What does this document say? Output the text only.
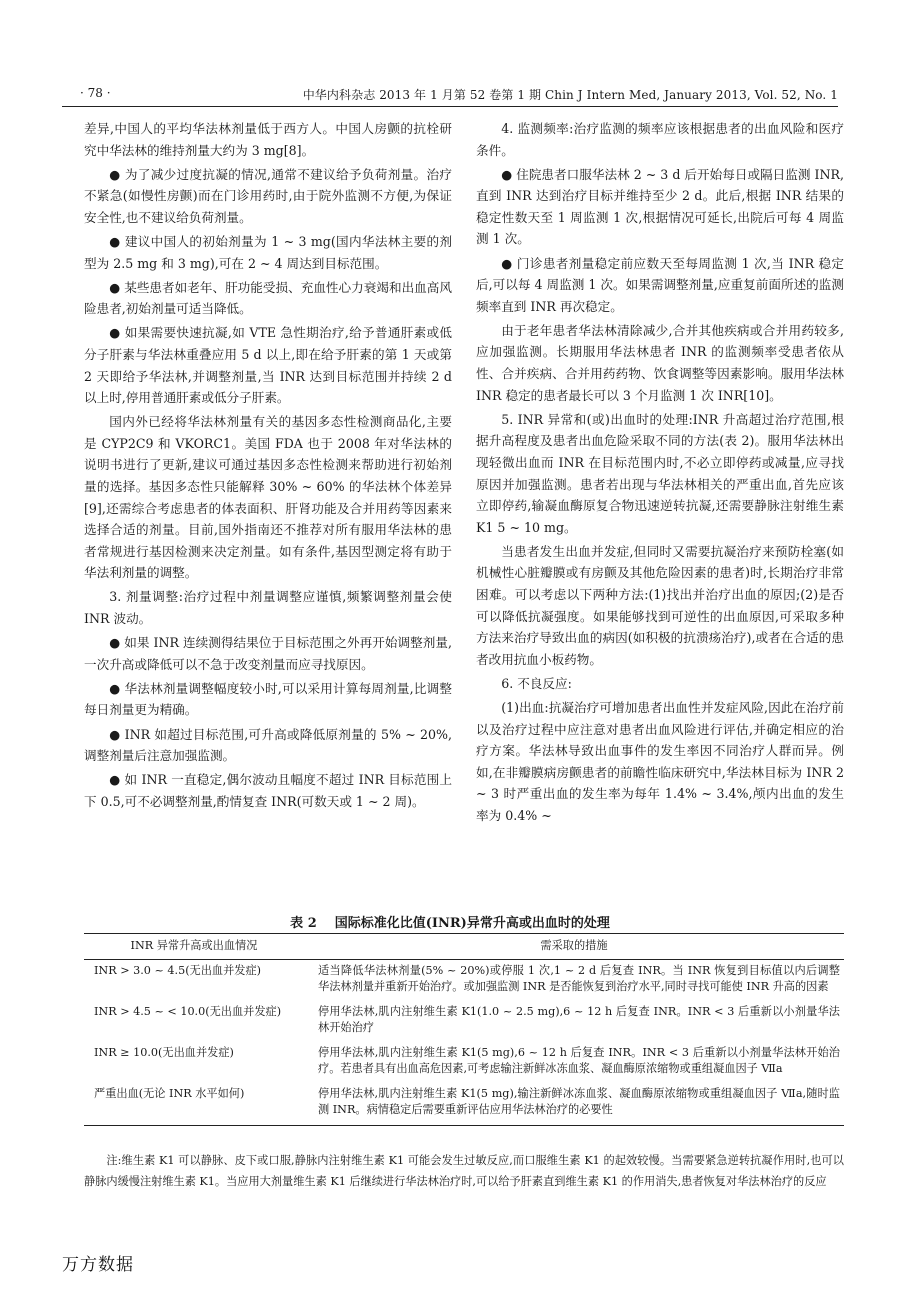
· 78 ·	中华内科杂志 2013 年 1 月第 52 卷第 1 期 Chin J Intern Med, January 2013, Vol. 52, No. 1

差异,中国人的平均华法林剂量低于西方人。中国人房颤的抗栓研究中华法林的维持剂量大约为 3 mg[8]。

● 为了减少过度抗凝的情况,通常不建议给予负荷剂量。治疗不紧急(如慢性房颤)而在门诊用药时,由于院外监测不方便,为保证安全性,也不建议给负荷剂量。

● 建议中国人的初始剂量为 1 ~ 3 mg(国内华法林主要的剂型为 2.5 mg 和 3 mg),可在 2 ~ 4 周达到目标范围。

● 某些患者如老年、肝功能受损、充血性心力衰竭和出血高风险患者,初始剂量可适当降低。

● 如果需要快速抗凝,如 VTE 急性期治疗,给予普通肝素或低分子肝素与华法林重叠应用 5 d 以上,即在给予肝素的第 1 天或第 2 天即给予华法林,并调整剂量,当 INR 达到目标范围并持续 2 d 以上时,停用普通肝素或低分子肝素。

国内外已经将华法林剂量有关的基因多态性检测商品化,主要是 CYP2C9 和 VKORC1。美国 FDA 也于 2008 年对华法林的说明书进行了更新,建议可通过基因多态性检测来帮助进行初始剂量的选择。基因多态性只能解释 30% ~ 60% 的华法林个体差异[9],还需综合考虑患者的体表面积、肝肾功能及合并用药等因素来选择合适的剂量。目前,国外指南还不推荐对所有服用华法林的患者常规进行基因检测来决定剂量。如有条件,基因型测定将有助于华法利剂量的调整。

3. 剂量调整:治疗过程中剂量调整应谨慎,频繁调整剂量会使 INR 波动。

● 如果 INR 连续测得结果位于目标范围之外再开始调整剂量,一次升高或降低可以不急于改变剂量而应寻找原因。

● 华法林剂量调整幅度较小时,可以采用计算每周剂量,比调整每日剂量更为精确。

● INR 如超过目标范围,可升高或降低原剂量的 5% ~ 20%,调整剂量后注意加强监测。

● 如 INR 一直稳定,偶尔波动且幅度不超过 INR 目标范围上下 0.5,可不必调整剂量,酌情复查 INR(可数天或 1 ~ 2 周)。

4. 监测频率:治疗监测的频率应该根据患者的出血风险和医疗条件。

● 住院患者口服华法林 2 ~ 3 d 后开始每日或隔日监测 INR,直到 INR 达到治疗目标并维持至少 2 d。此后,根据 INR 结果的稳定性数天至 1 周监测 1 次,根据情况可延长,出院后可每 4 周监测 1 次。

● 门诊患者剂量稳定前应数天至每周监测 1 次,当 INR 稳定后,可以每 4 周监测 1 次。如果需调整剂量,应重复前面所述的监测频率直到 INR 再次稳定。

由于老年患者华法林清除减少,合并其他疾病或合并用药较多,应加强监测。长期服用华法林患者 INR 的监测频率受患者依从性、合并疾病、合并用药药物、饮食调整等因素影响。服用华法林 INR 稳定的患者最长可以 3 个月监测 1 次 INR[10]。

5. INR 异常和(或)出血时的处理:INR 升高超过治疗范围,根据升高程度及患者出血危险采取不同的方法(表 2)。服用华法林出现轻微出血而 INR 在目标范围内时,不必立即停药或减量,应寻找原因并加强监测。患者若出现与华法林相关的严重出血,首先应该立即停药,输凝血酶原复合物迅速逆转抗凝,还需要静脉注射维生素 K1 5 ~ 10 mg。

当患者发生出血并发症,但同时又需要抗凝治疗来预防栓塞(如机械性心脏瓣膜或有房颤及其他危险因素的患者)时,长期治疗非常困难。可以考虑以下两种方法:(1)找出并治疗出血的原因;(2)是否可以降低抗凝强度。如果能够找到可逆性的出血原因,可采取多种方法来治疗导致出血的病因(如积极的抗溃疡治疗),或者在合适的患者改用抗血小板药物。

6. 不良反应:

(1)出血:抗凝治疗可增加患者出血性并发症风险,因此在治疗前以及治疗过程中应注意对患者出血风险进行评估,并确定相应的治疗方案。华法林导致出血事件的发生率因不同治疗人群而异。例如,在非瓣膜病房颤患者的前瞻性临床研究中,华法林目标为 INR 2 ~ 3 时严重出血的发生率为每年 1.4% ~ 3.4%,颅内出血的发生率为 0.4% ~

表 2 国际标准化比值(INR)异常升高或出血时的处理
INR 异常升高或出血情况	需采取的措施
INR > 3.0 ~ 4.5(无出血并发症)	适当降低华法林剂量(5% ~ 20%)或停服 1 次,1 ~ 2 d 后复查 INR。当 INR 恢复到目标值以内后调整华法林剂量并重新开始治疗。或加强监测 INR 是否能恢复到治疗水平,同时寻找可能使 INR 升高的因素
INR > 4.5 ~ < 10.0(无出血并发症)	停用华法林,肌内注射维生素 K1(1.0 ~ 2.5 mg),6 ~ 12 h 后复查 INR。INR < 3 后重新以小剂量华法林开始治疗
INR ≥ 10.0(无出血并发症)	停用华法林,肌内注射维生素 K1(5 mg),6 ~ 12 h 后复查 INR。INR < 3 后重新以小剂量华法林开始治疗。若患者具有出血高危因素,可考虑输注新鲜冰冻血浆、凝血酶原浓缩物或重组凝血因子 Ⅶa
严重出血(无论 INR 水平如何)	停用华法林,肌内注射维生素 K1(5 mg),输注新鲜冰冻血浆、凝血酶原浓缩物或重组凝血因子 Ⅶa,随时监测 INR。病情稳定后需要重新评估应用华法林治疗的必要性
注:维生素 K1 可以静脉、皮下或口服,静脉内注射维生素 K1 可能会发生过敏反应,而口服维生素 K1 的起效较慢。当需要紧急逆转抗凝作用时,也可以静脉内缓慢注射维生素 K1。当应用大剂量维生素 K1 后继续进行华法林治疗时,可以给予肝素直到维生素 K1 的作用消失,患者恢复对华法林治疗的反应
万方数据
